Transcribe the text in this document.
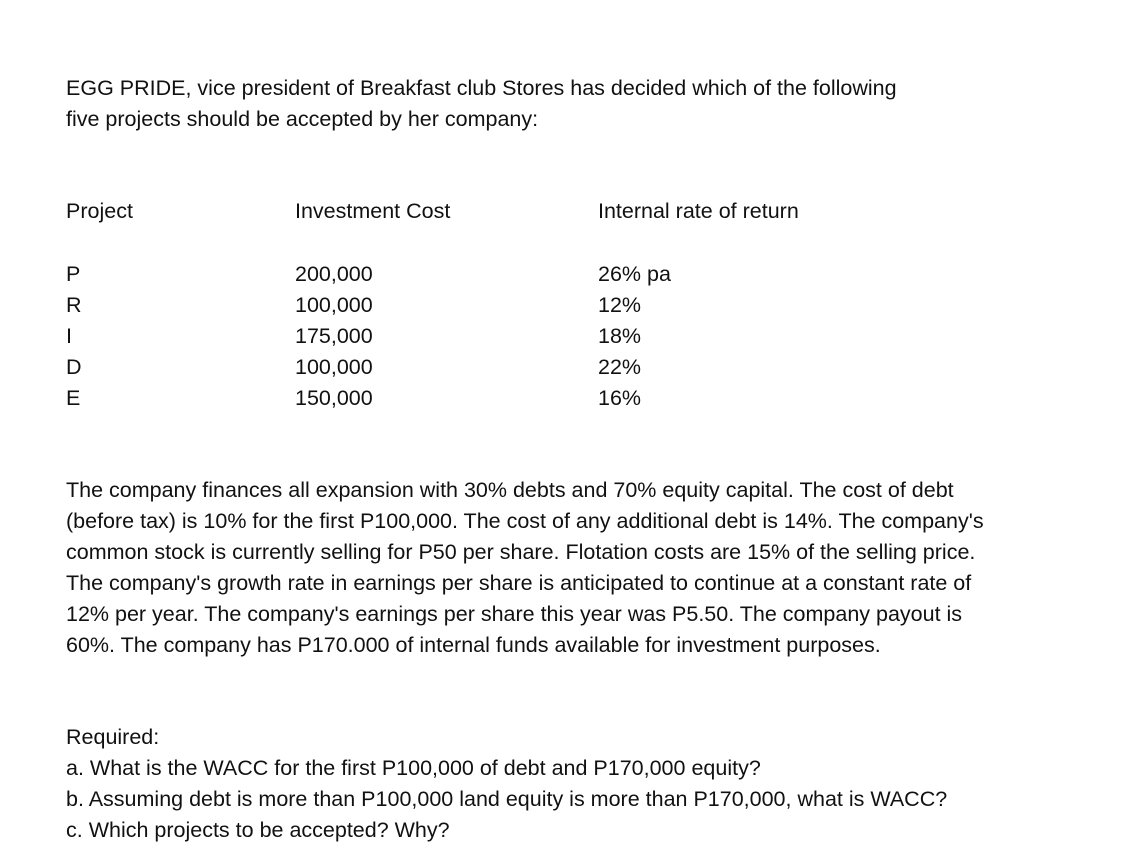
EGG PRIDE, vice president of Breakfast club Stores has decided which of the following
five projects should be accepted by her company:
Project
P
R
I
D
E
Investment Cost
200,000
100,000
175,000
100,000
150,000
Internal rate of return
26% pa
12%
18%
22%
16%
The company finances all expansion with 30% debts and 70% equity capital. The cost of debt
(before tax) is 10% for the first P100,000. The cost of any additional debt is 14%. The company's
common stock is currently selling for P50 per share. Flotation costs are 15% of the selling price.
The company's growth rate in earnings per share is anticipated to continue at a constant rate of
12% per year. The company's earnings per share this year was P5.50. The company payout is
60%. The company has P170.000 of internal funds available for investment purposes.
Required:
a. What is the WACC for the first P100,000 of debt and P170,000 equity?
b. Assuming debt is more than P100,000 land equity is more than P170,000, what is WACC?
c. Which projects to be accepted? Why?
